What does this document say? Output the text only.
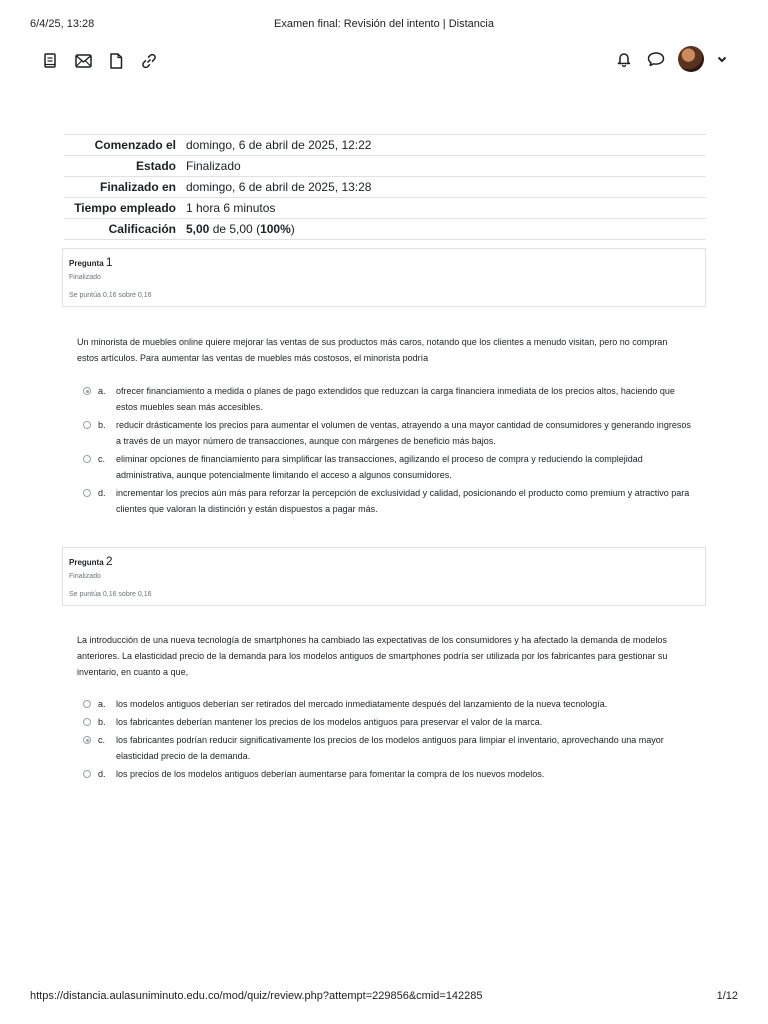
6/4/25, 13:28	Examen final: Revisión del intento | Distancia
Comenzado el	domingo, 6 de abril de 2025, 12:22
Estado	Finalizado
Finalizado en	domingo, 6 de abril de 2025, 13:28
Tiempo empleado	1 hora 6 minutos
Calificación	5,00 de 5,00 (100%)
Pregunta 1
Finalizado
Se puntúa 0,16 sobre 0,16
Un minorista de muebles online quiere mejorar las ventas de sus productos más caros, notando que los clientes a menudo visitan, pero no compran estos artículos. Para aumentar las ventas de muebles más costosos, el minorista podría
a. ofrecer financiamiento a medida o planes de pago extendidos que reduzcan la carga financiera inmediata de los precios altos, haciendo que estos muebles sean más accesibles.
b. reducir drásticamente los precios para aumentar el volumen de ventas, atrayendo a una mayor cantidad de consumidores y generando ingresos a través de un mayor número de transacciones, aunque con márgenes de beneficio más bajos.
c. eliminar opciones de financiamiento para simplificar las transacciones, agilizando el proceso de compra y reduciendo la complejidad administrativa, aunque potencialmente limitando el acceso a algunos consumidores.
d. incrementar los precios aún más para reforzar la percepción de exclusividad y calidad, posicionando el producto como premium y atractivo para clientes que valoran la distinción y están dispuestos a pagar más.
Pregunta 2
Finalizado
Se puntúa 0,16 sobre 0,16
La introducción de una nueva tecnología de smartphones ha cambiado las expectativas de los consumidores y ha afectado la demanda de modelos anteriores. La elasticidad precio de la demanda para los modelos antiguos de smartphones podría ser utilizada por los fabricantes para gestionar su inventario, en cuanto a que,
a. los modelos antiguos deberían ser retirados del mercado inmediatamente después del lanzamiento de la nueva tecnología.
b. los fabricantes deberían mantener los precios de los modelos antiguos para preservar el valor de la marca.
c. los fabricantes podrían reducir significativamente los precios de los modelos antiguos para limpiar el inventario, aprovechando una mayor elasticidad precio de la demanda.
d. los precios de los modelos antiguos deberían aumentarse para fomentar la compra de los nuevos modelos.
https://distancia.aulasuniminuto.edu.co/mod/quiz/review.php?attempt=229856&cmid=142285	1/12
